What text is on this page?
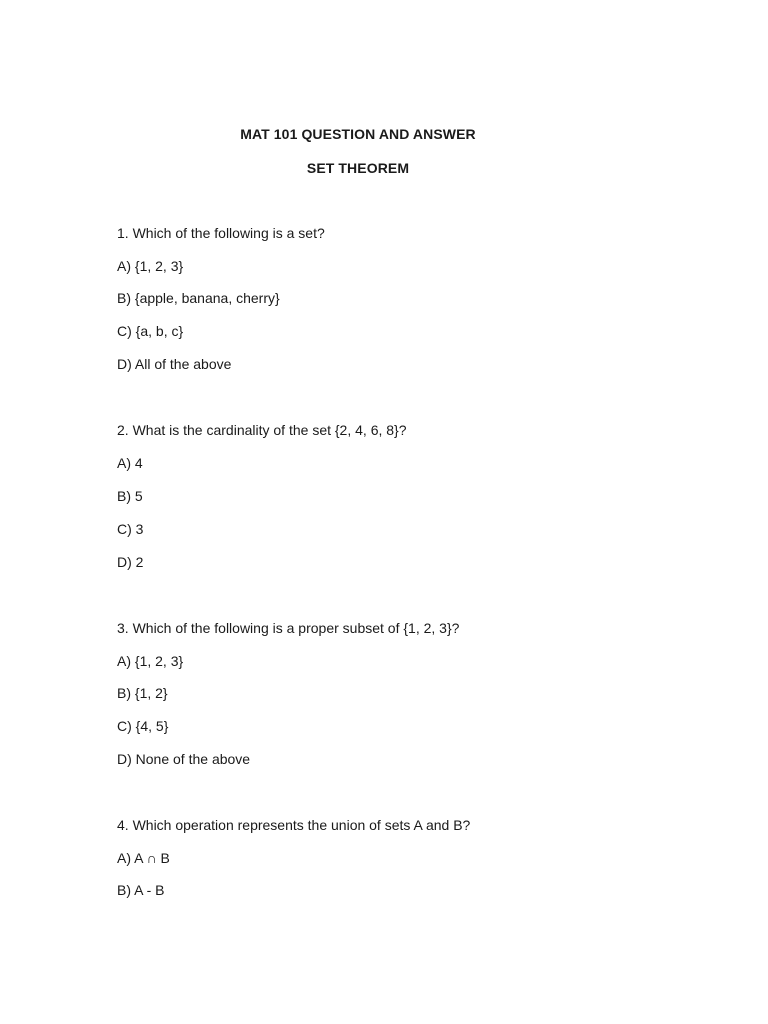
MAT 101 QUESTION AND ANSWER
SET THEOREM
1. Which of the following is a set?
A) {1, 2, 3}
B) {apple, banana, cherry}
C) {a, b, c}
D) All of the above
2. What is the cardinality of the set {2, 4, 6, 8}?
A) 4
B) 5
C) 3
D) 2
3. Which of the following is a proper subset of {1, 2, 3}?
A) {1, 2, 3}
B) {1, 2}
C) {4, 5}
D) None of the above
4. Which operation represents the union of sets A and B?
A) A ∩ B
B) A - B
